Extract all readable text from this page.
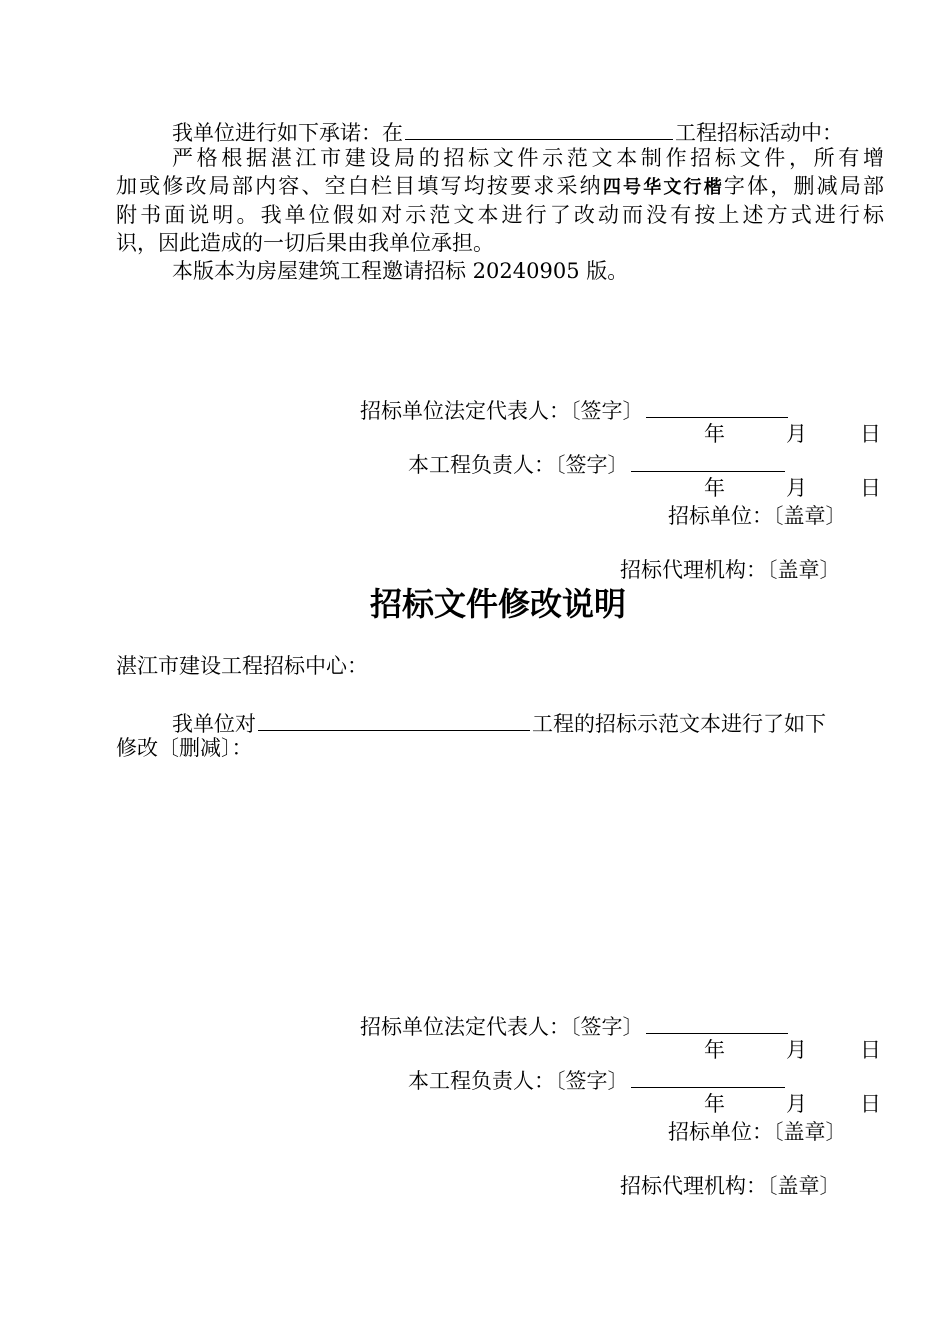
我单位进行如下承诺：在	工程招标活动中：
严格根据湛江市建设局的招标文件示范文本制作招标文件，所有增
加或修改局部内容、空白栏目填写均按要求采纳四号华文行楷字体，删减局部
附书面说明。我单位假如对示范文本进行了改动而没有按上述方式进行标
识，因此造成的一切后果由我单位承担。
本版本为房屋建筑工程邀请招标 20240905 版。
招标单位法定代表人：〔签字〕
年	月	日
本工程负责人：〔签字〕
年	月	日
招标单位：〔盖章〕
招标代理机构：〔盖章〕
招标文件修改说明
湛江市建设工程招标中心：
我单位对	工程的招标示范文本进行了如下
修改〔删减〕：
招标单位法定代表人：〔签字〕
年	月	日
本工程负责人：〔签字〕
年	月	日
招标单位：〔盖章〕
招标代理机构：〔盖章〕
